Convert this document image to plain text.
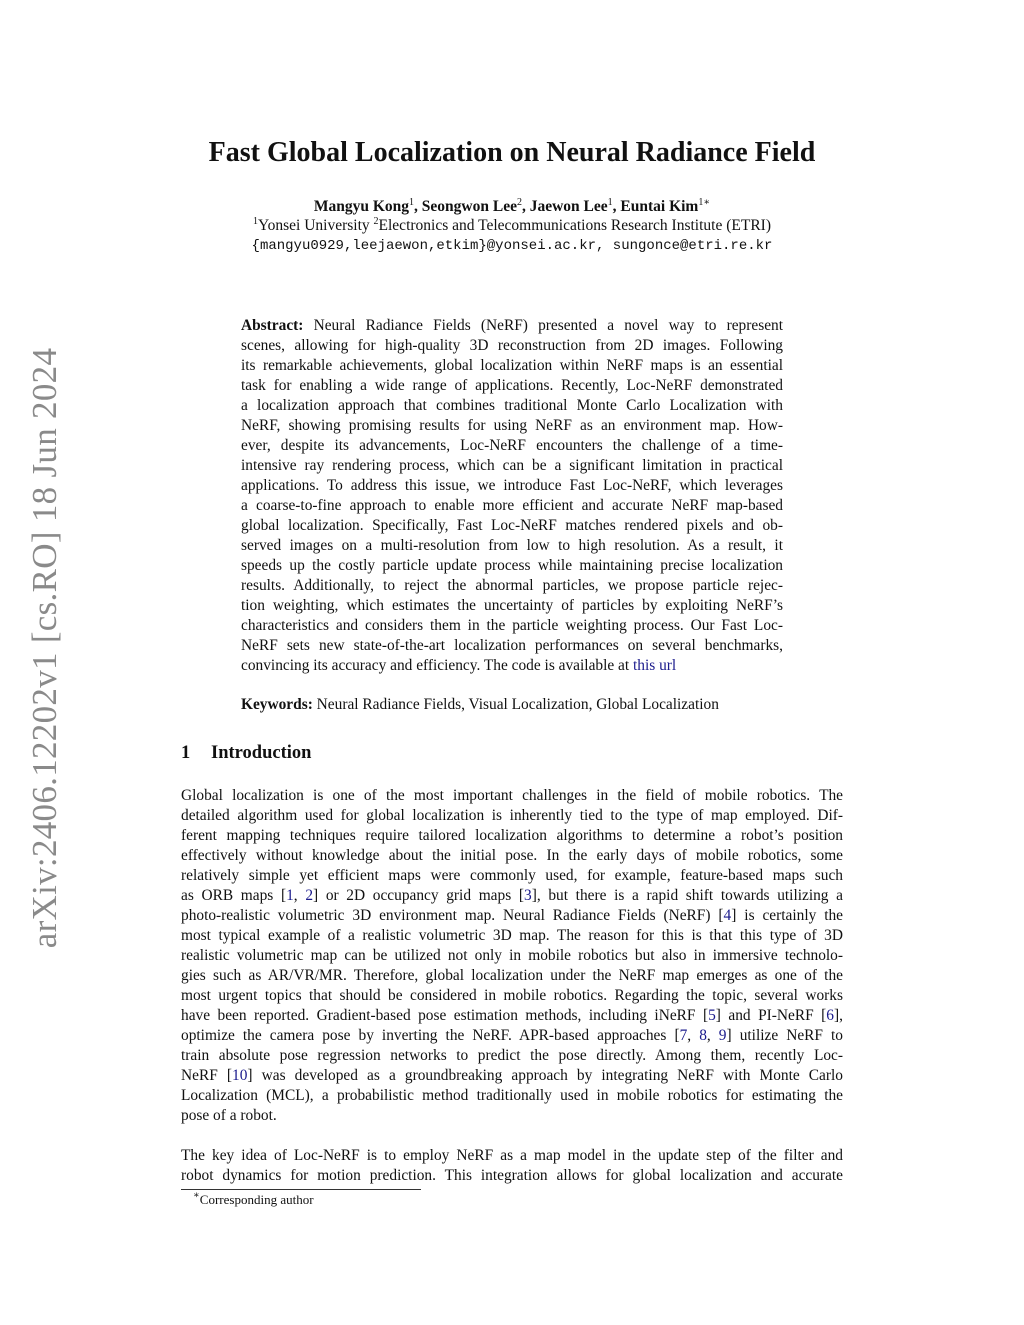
arXiv:2406.12202v1 [cs.RO] 18 Jun 2024
Fast Global Localization on Neural Radiance Field
Mangyu Kong$^1$, Seongwon Lee$^2$, Jaewon Lee$^1$, Euntai Kim$^{1∗}$
$^1$Yonsei University $^2$Electronics and Telecommunications Research Institute (ETRI)
{mangyu0929,leejaewon,etkim}@yonsei.ac.kr, sungonce@etri.re.kr
Abstract: Neural Radiance Fields (NeRF) presented a novel way to represent
scenes, allowing for high-quality 3D reconstruction from 2D images. Following
its remarkable achievements, global localization within NeRF maps is an essential
task for enabling a wide range of applications. Recently, Loc-NeRF demonstrated
a localization approach that combines traditional Monte Carlo Localization with
NeRF, showing promising results for using NeRF as an environment map. How-
ever, despite its advancements, Loc-NeRF encounters the challenge of a time-
intensive ray rendering process, which can be a significant limitation in practical
applications. To address this issue, we introduce Fast Loc-NeRF, which leverages
a coarse-to-fine approach to enable more efficient and accurate NeRF map-based
global localization. Specifically, Fast Loc-NeRF matches rendered pixels and ob-
served images on a multi-resolution from low to high resolution. As a result, it
speeds up the costly particle update process while maintaining precise localization
results. Additionally, to reject the abnormal particles, we propose particle rejec-
tion weighting, which estimates the uncertainty of particles by exploiting NeRF’s
characteristics and considers them in the particle weighting process. Our Fast Loc-
NeRF sets new state-of-the-art localization performances on several benchmarks,
convincing its accuracy and efficiency. The code is available at this url
Keywords: Neural Radiance Fields, Visual Localization, Global Localization
1 Introduction
Global localization is one of the most important challenges in the field of mobile robotics. The
detailed algorithm used for global localization is inherently tied to the type of map employed. Dif-
ferent mapping techniques require tailored localization algorithms to determine a robot’s position
effectively without knowledge about the initial pose. In the early days of mobile robotics, some
relatively simple yet efficient maps were commonly used, for example, feature-based maps such
as ORB maps [1, 2] or 2D occupancy grid maps [3], but there is a rapid shift towards utilizing a
photo-realistic volumetric 3D environment map. Neural Radiance Fields (NeRF) [4] is certainly the
most typical example of a realistic volumetric 3D map. The reason for this is that this type of 3D
realistic volumetric map can be utilized not only in mobile robotics but also in immersive technolo-
gies such as AR/VR/MR. Therefore, global localization under the NeRF map emerges as one of the
most urgent topics that should be considered in mobile robotics. Regarding the topic, several works
have been reported. Gradient-based pose estimation methods, including iNeRF [5] and PI-NeRF [6],
optimize the camera pose by inverting the NeRF. APR-based approaches [7, 8, 9] utilize NeRF to
train absolute pose regression networks to predict the pose directly. Among them, recently Loc-
NeRF [10] was developed as a groundbreaking approach by integrating NeRF with Monte Carlo
Localization (MCL), a probabilistic method traditionally used in mobile robotics for estimating the
pose of a robot.
The key idea of Loc-NeRF is to employ NeRF as a map model in the update step of the filter and
robot dynamics for motion prediction. This integration allows for global localization and accurate
∗Corresponding author
